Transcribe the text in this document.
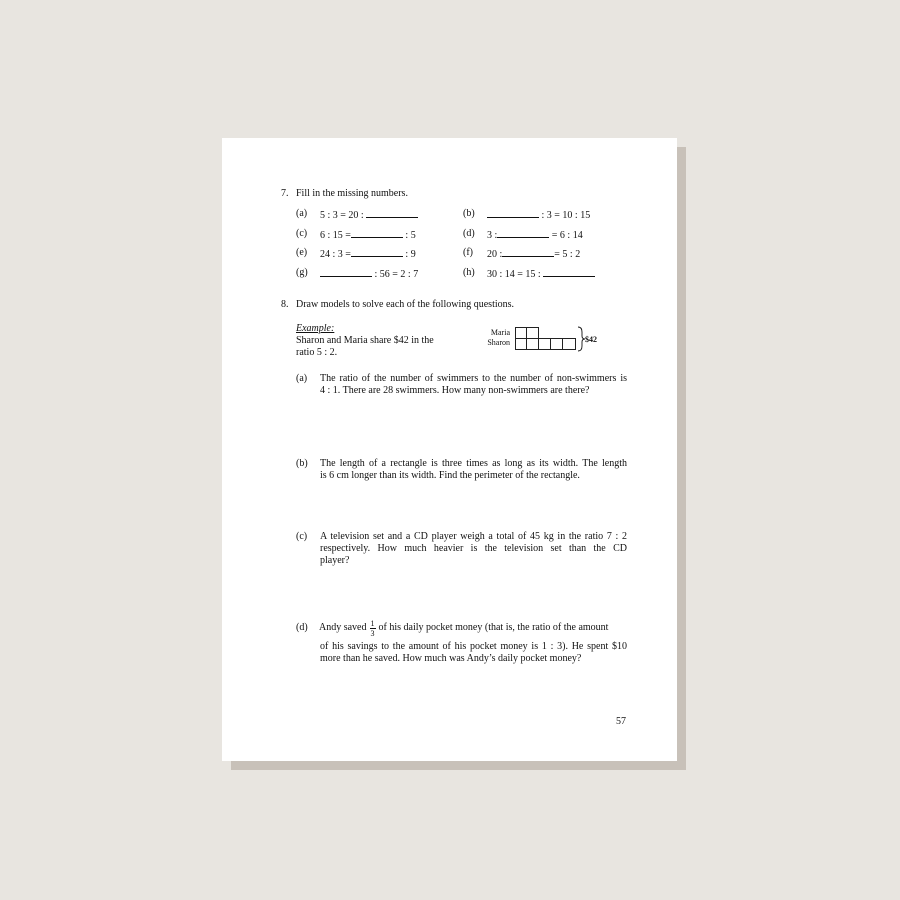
7. Fill in the missing numbers.
(a) 5 : 3 = 20 :	(b)	: 3 = 10 : 15
(c) 6 : 15 =	: 5	(d) 3 :	= 6 : 14
(e) 24 : 3 =	: 9	(f) 20 :	= 5 : 2
(g)	: 56 = 2 : 7	(h) 30 : 14 = 15 :
8. Draw models to solve each of the following questions.
Example:
Sharon and Maria share $42 in the
ratio 5 : 2.
Maria
Sharon	$42
(a) The ratio of the number of swimmers to the number of non-swimmers is
4 : 1. There are 28 swimmers. How many non-swimmers are there?
(b) The length of a rectangle is three times as long as its width. The length
is 6 cm longer than its width. Find the perimeter of the rectangle.
(c) A television set and a CD player weigh a total of 45 kg in the ratio 7 : 2
respectively. How much heavier is the television set than the CD
player?
(d) Andy saved $\frac{1}{3}$ of his daily pocket money (that is, the ratio of the amount
of his savings to the amount of his pocket money is 1 : 3). He spent $10
more than he saved. How much was Andy’s daily pocket money?
57
